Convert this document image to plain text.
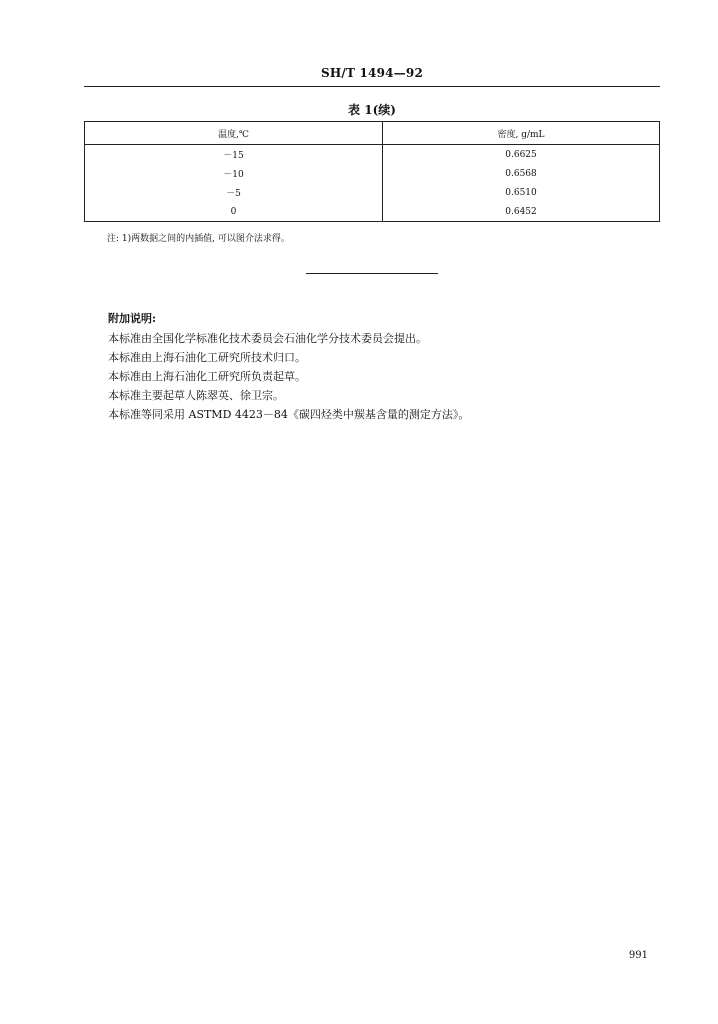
SH/T 1494—92
表 1(续)
温度,℃	密度, g/mL
－15	0.6625
－10	0.6568
－5	0.6510
0	0.6452
注: 1)两数据之间的内插值, 可以图介法求得。
附加说明:
本标准由全国化学标准化技术委员会石油化学分技术委员会提出。
本标准由上海石油化工研究所技术归口。
本标准由上海石油化工研究所负责起草。
本标准主要起草人陈翠英、徐卫宗。
本标准等同采用 ASTMD 4423－84《碳四烃类中羰基含量的测定方法》。
991
